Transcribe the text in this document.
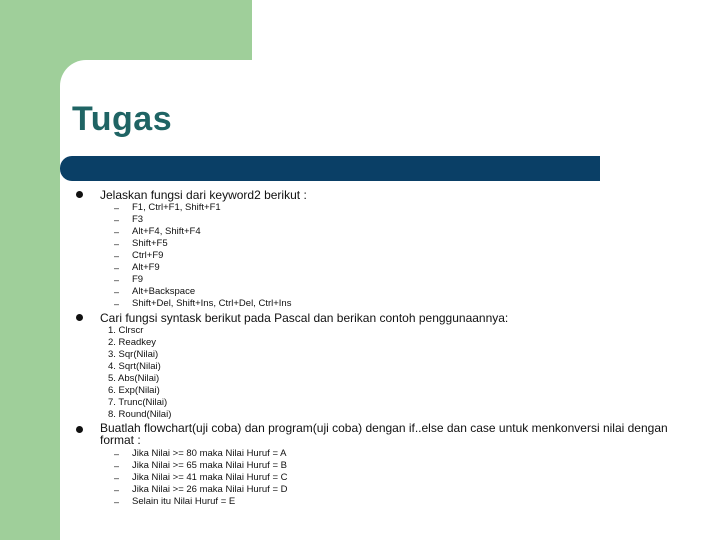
Tugas

Jelaskan fungsi dari keyword2 berikut :

– F1, Ctrl+F1, Shift+F1
– F3
– Alt+F4, Shift+F4
– Shift+F5
– Ctrl+F9
– Alt+F9
– F9
– Alt+Backspace
– Shift+Del, Shift+Ins, Ctrl+Del, Ctrl+Ins

Cari fungsi syntask berikut pada Pascal dan berikan contoh penggunaannya:

1. Clrscr
2. Readkey
3. Sqr(Nilai)
4. Sqrt(Nilai)
5. Abs(Nilai)
6. Exp(Nilai)
7. Trunc(Nilai)
8. Round(Nilai)

Buatlah flowchart(uji coba) dan program(uji coba) dengan if..else dan case untuk menkonversi nilai dengan

format :

– Jika Nilai >= 80 maka Nilai Huruf = A
– Jika Nilai >= 65 maka Nilai Huruf = B
– Jika Nilai >= 41 maka Nilai Huruf = C
– Jika Nilai >= 26 maka Nilai Huruf = D
– Selain itu Nilai Huruf = E
